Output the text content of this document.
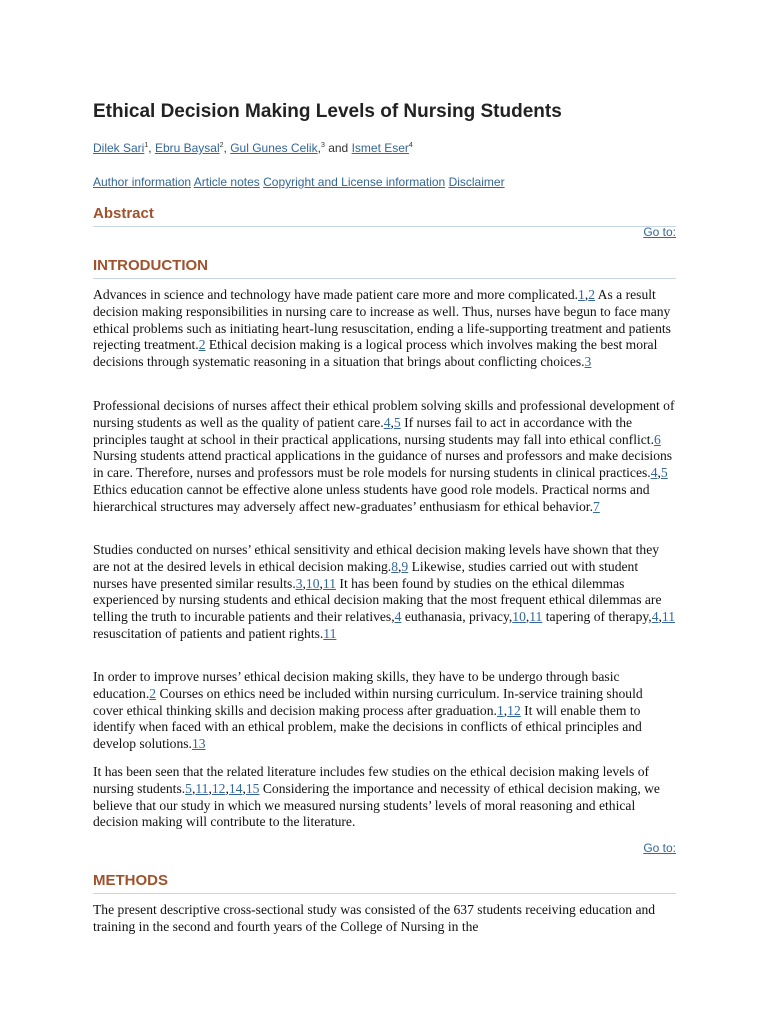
Ethical Decision Making Levels of Nursing Students
Dilek Sari$^1$, Ebru Baysal$^2$, Gul Gunes Celik,$^3$ and Ismet Eser$^4$
Author information Article notes Copyright and License information Disclaimer
Abstract
Go to:
INTRODUCTION

Advances in science and technology have made patient care more and more complicated.1,2 As a result decision making responsibilities in nursing care to increase as well. Thus, nurses have begun to face many ethical problems such as initiating heart-lung resuscitation, ending a life-supporting treatment and patients rejecting treatment.2 Ethical decision making is a logical process which involves making the best moral decisions through systematic reasoning in a situation that brings about conflicting choices.3

Professional decisions of nurses affect their ethical problem solving skills and professional development of nursing students as well as the quality of patient care.4,5 If nurses fail to act in accordance with the principles taught at school in their practical applications, nursing students may fall into ethical conflict.6 Nursing students attend practical applications in the guidance of nurses and professors and make decisions in care. Therefore, nurses and professors must be role models for nursing students in clinical practices.4,5 Ethics education cannot be effective alone unless students have good role models. Practical norms and hierarchical structures may adversely affect new-graduates’ enthusiasm for ethical behavior.7

Studies conducted on nurses’ ethical sensitivity and ethical decision making levels have shown that they are not at the desired levels in ethical decision making.8,9 Likewise, studies carried out with student nurses have presented similar results.3,10,11 It has been found by studies on the ethical dilemmas experienced by nursing students and ethical decision making that the most frequent ethical dilemmas are telling the truth to incurable patients and their relatives,4 euthanasia, privacy,10,11 tapering of therapy,4,11 resuscitation of patients and patient rights.11

In order to improve nurses’ ethical decision making skills, they have to be undergo through basic education.2 Courses on ethics need be included within nursing curriculum. In-service training should cover ethical thinking skills and decision making process after graduation.1,12 It will enable them to identify when faced with an ethical problem, make the decisions in conflicts of ethical principles and develop solutions.13

It has been seen that the related literature includes few studies on the ethical decision making levels of nursing students.5,11,12,14,15 Considering the importance and necessity of ethical decision making, we believe that our study in which we measured nursing students’ levels of moral reasoning and ethical decision making will contribute to the literature.

Go to:
METHODS

The present descriptive cross-sectional study was consisted of the 637 students receiving education and training in the second and fourth years of the College of Nursing in the
